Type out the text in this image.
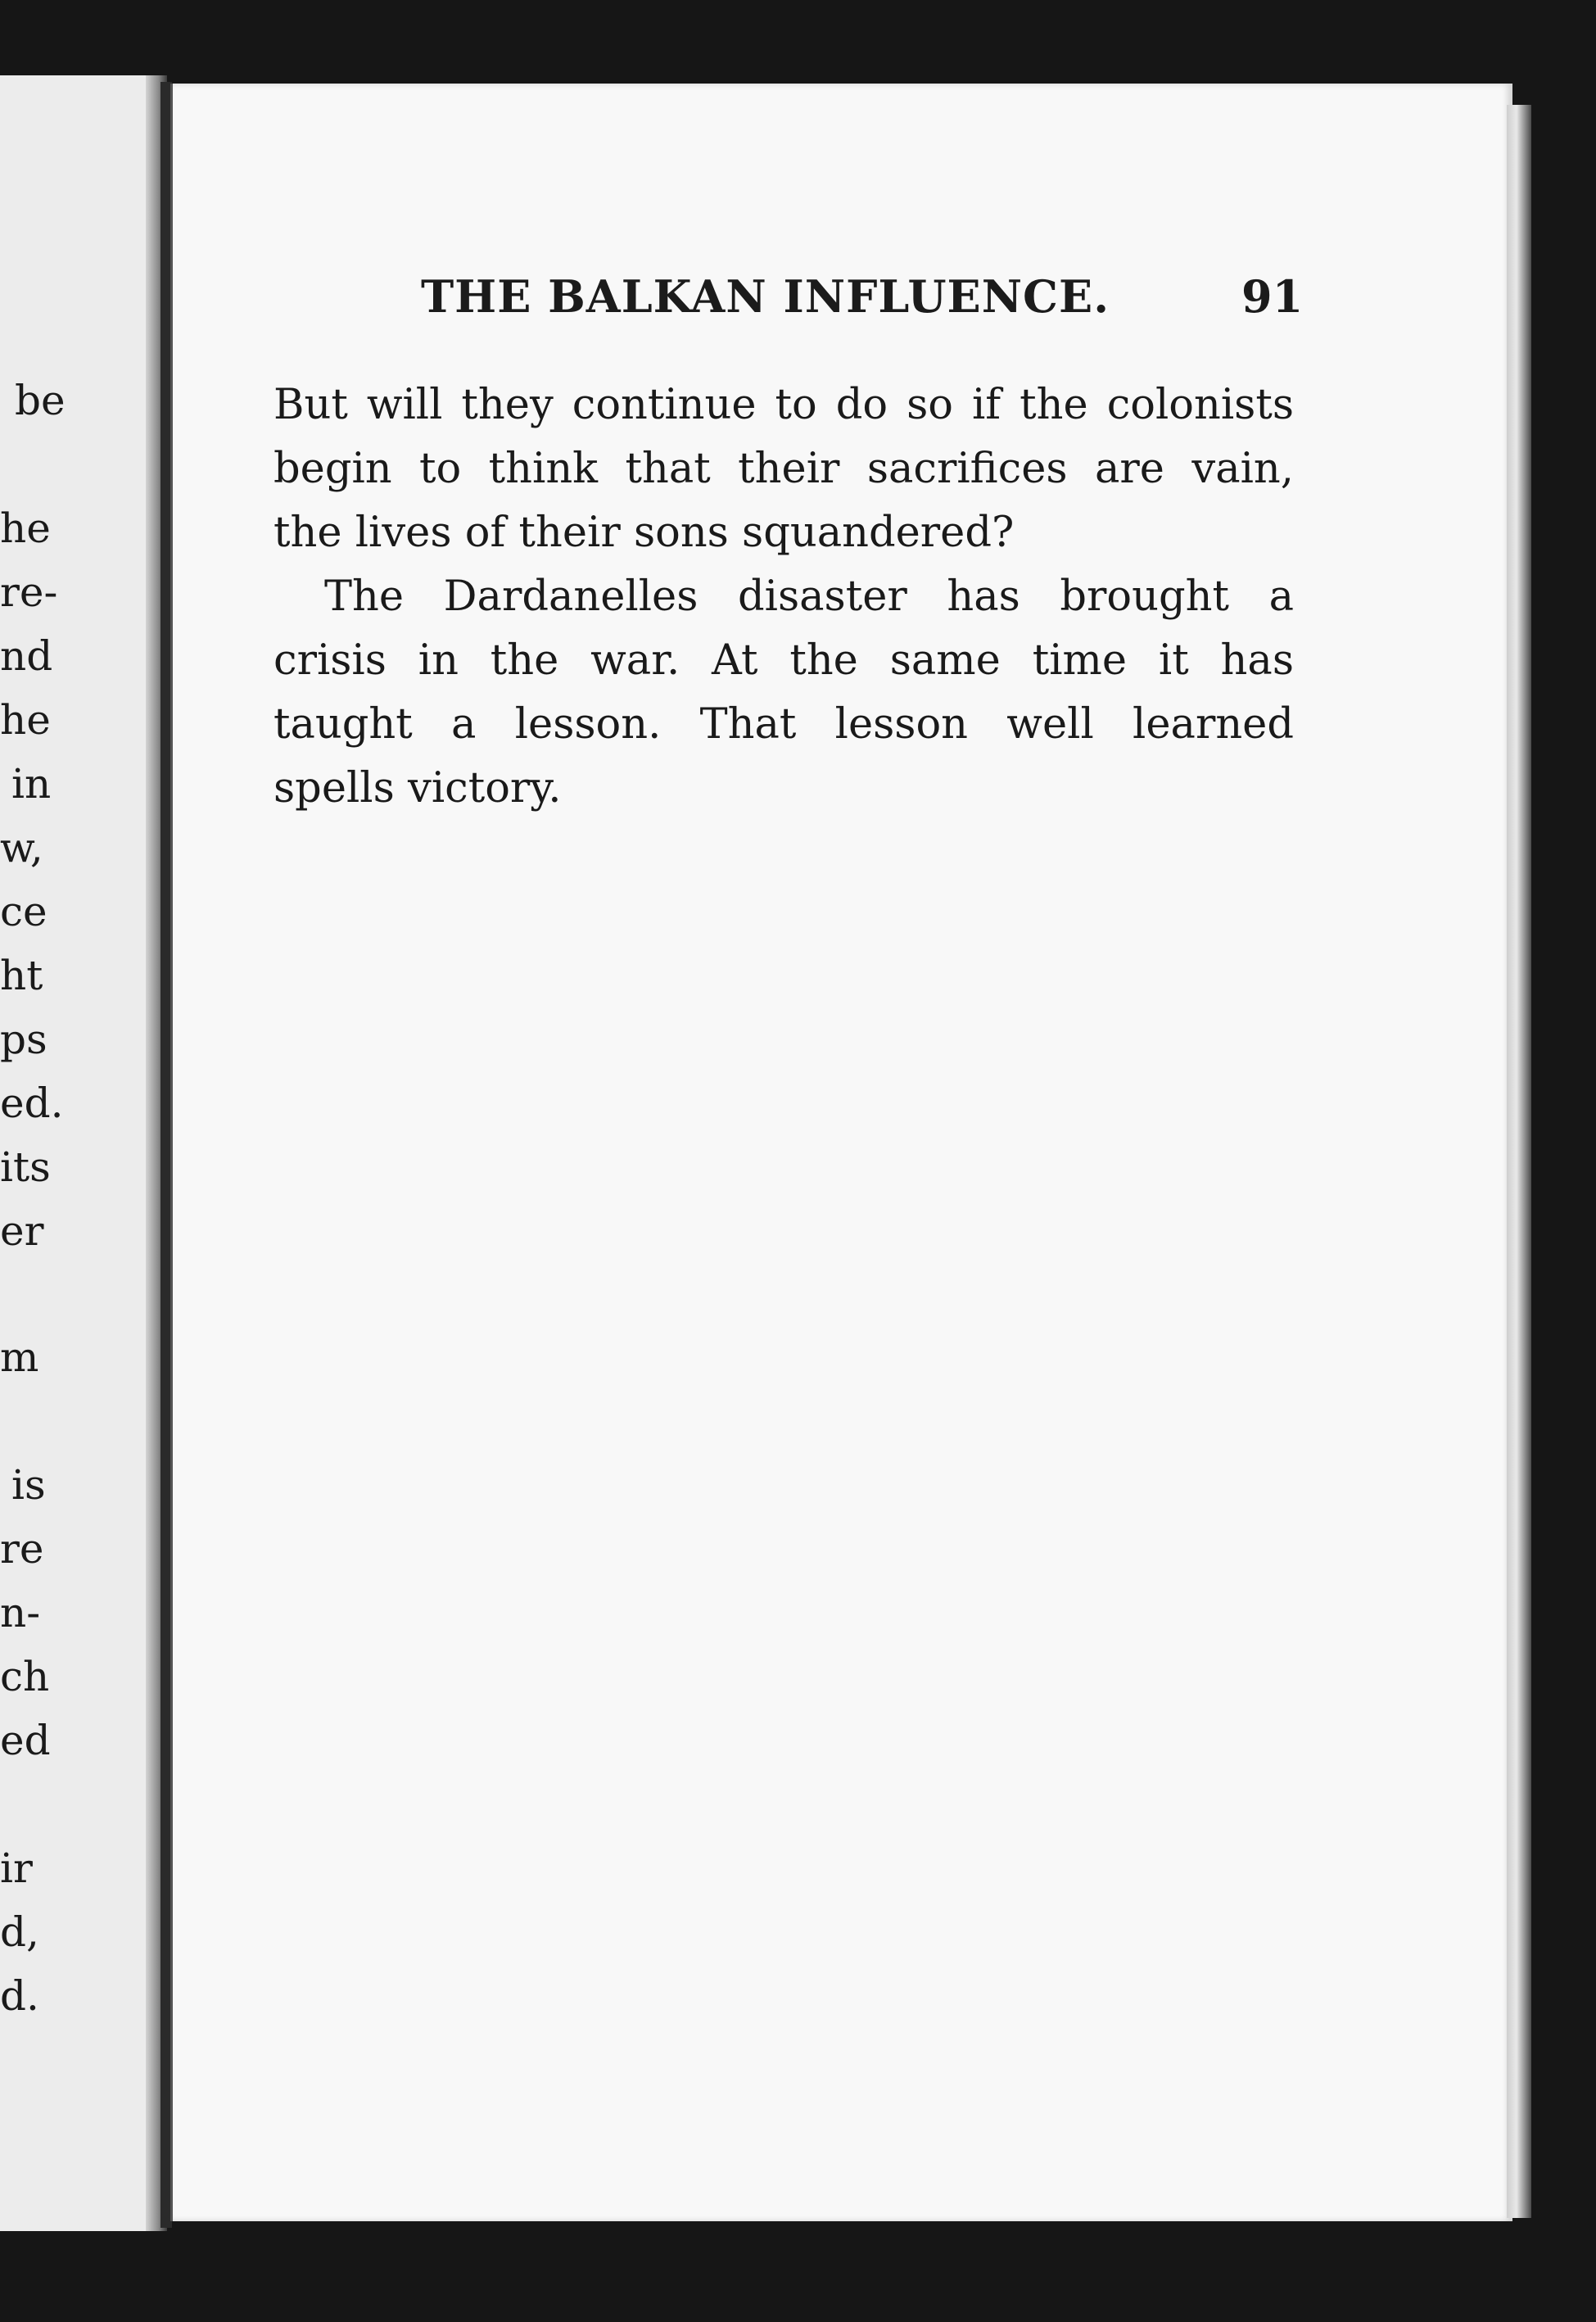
be
he
re-
nd
he
in
w,
ce
ht
ps
ed.
its
er
m
is
re
n-
ch
ed
ir
d,
d.
THE BALKAN INFLUENCE.	91
But will they continue to do so if the colonists
begin to think that their sacrifices are vain,
the lives of their sons squandered?
The Dardanelles disaster has brought a
crisis in the war. At the same time it has
taught a lesson. That lesson well learned
spells victory.
